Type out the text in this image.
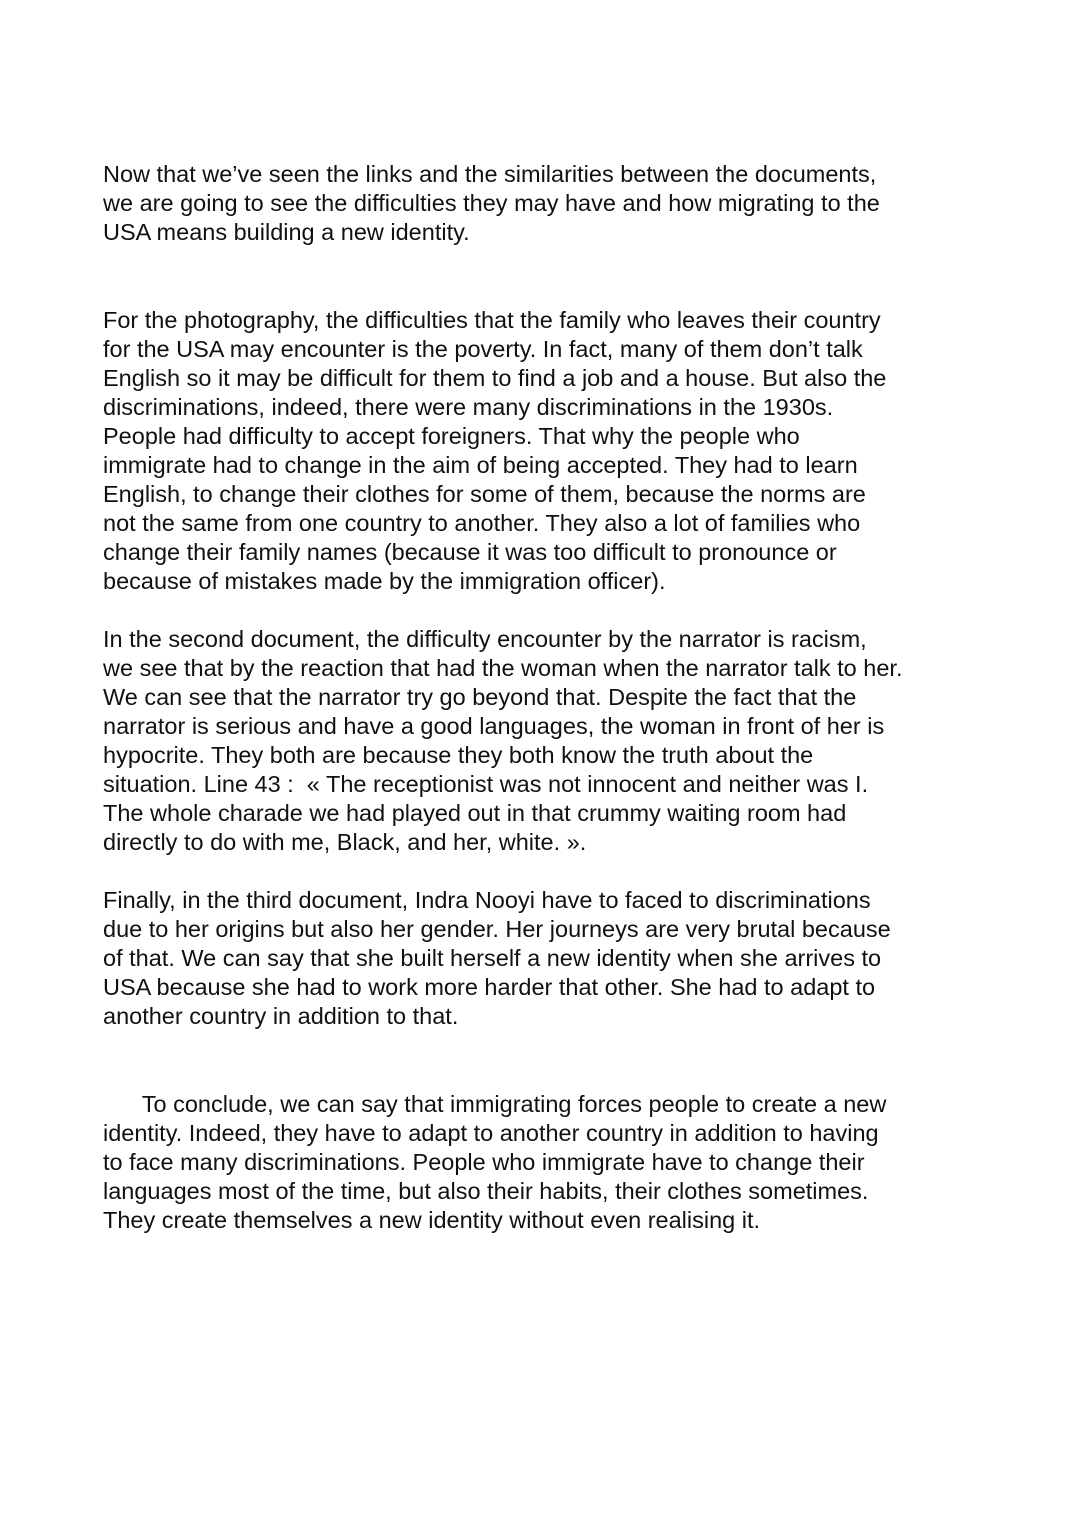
Now that we’ve seen the links and the similarities between the documents,
we are going to see the difficulties they may have and how migrating to the
USA means building a new identity.

For the photography, the difficulties that the family who leaves their country
for the USA may encounter is the poverty. In fact, many of them don’t talk
English so it may be difficult for them to find a job and a house. But also the
discriminations, indeed, there were many discriminations in the 1930s.
People had difficulty to accept foreigners. That why the people who
immigrate had to change in the aim of being accepted. They had to learn
English, to change their clothes for some of them, because the norms are
not the same from one country to another. They also a lot of families who
change their family names (because it was too difficult to pronounce or
because of mistakes made by the immigration officer).

In the second document, the difficulty encounter by the narrator is racism,
we see that by the reaction that had the woman when the narrator talk to her.
We can see that the narrator try go beyond that. Despite the fact that the
narrator is serious and have a good languages, the woman in front of her is
hypocrite. They both are because they both know the truth about the
situation. Line 43 :  « The receptionist was not innocent and neither was I.
The whole charade we had played out in that crummy waiting room had
directly to do with me, Black, and her, white. ».

Finally, in the third document, Indra Nooyi have to faced to discriminations
due to her origins but also her gender. Her journeys are very brutal because
of that. We can say that she built herself a new identity when she arrives to
USA because she had to work more harder that other. She had to adapt to
another country in addition to that.

To conclude, we can say that immigrating forces people to create a new
identity. Indeed, they have to adapt to another country in addition to having
to face many discriminations. People who immigrate have to change their
languages most of the time, but also their habits, their clothes sometimes.
They create themselves a new identity without even realising it.
